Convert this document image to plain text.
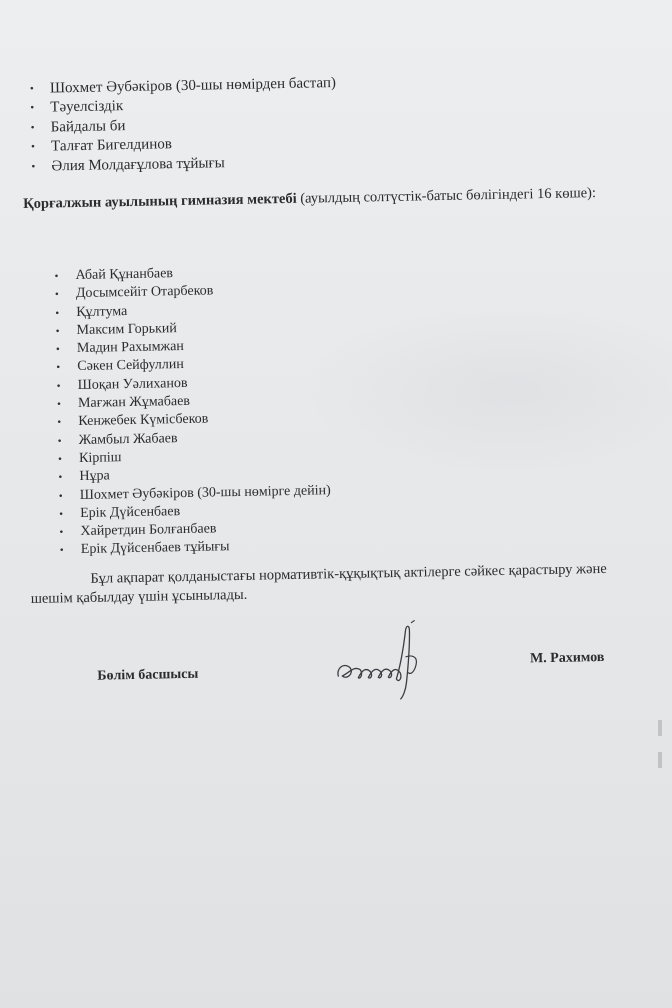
• Шохмет Әубәкіров (30-шы нөмірден бастап)
• Тәуелсіздік
• Байдалы би
• Талғат Бигелдинов
• Әлия Молдағұлова тұйығы
Қорғалжын ауылының гимназия мектебі (ауылдың солтүстік-батыс бөлігіндегі 16 көше):
• Абай Құнанбаев
• Досымсейіт Отарбеков
• Құлтума
• Максим Горький
• Мадин Рахымжан
• Сәкен Сейфуллин
• Шоқан Уәлиханов
• Мағжан Жұмабаев
• Кенжебек Күмісбеков
• Жамбыл Жабаев
• Кірпіш
• Нұра
• Шохмет Әубәкіров (30-шы нөмірге дейін)
• Ерік Дүйсенбаев
• Хайретдин Болғанбаев
• Ерік Дүйсенбаев тұйығы
Бұл ақпарат қолданыстағы нормативтік-құқықтық актілерге сәйкес қарастыру және шешім қабылдау үшін ұсынылады.
Бөлім басшысы
М. Рахимов
